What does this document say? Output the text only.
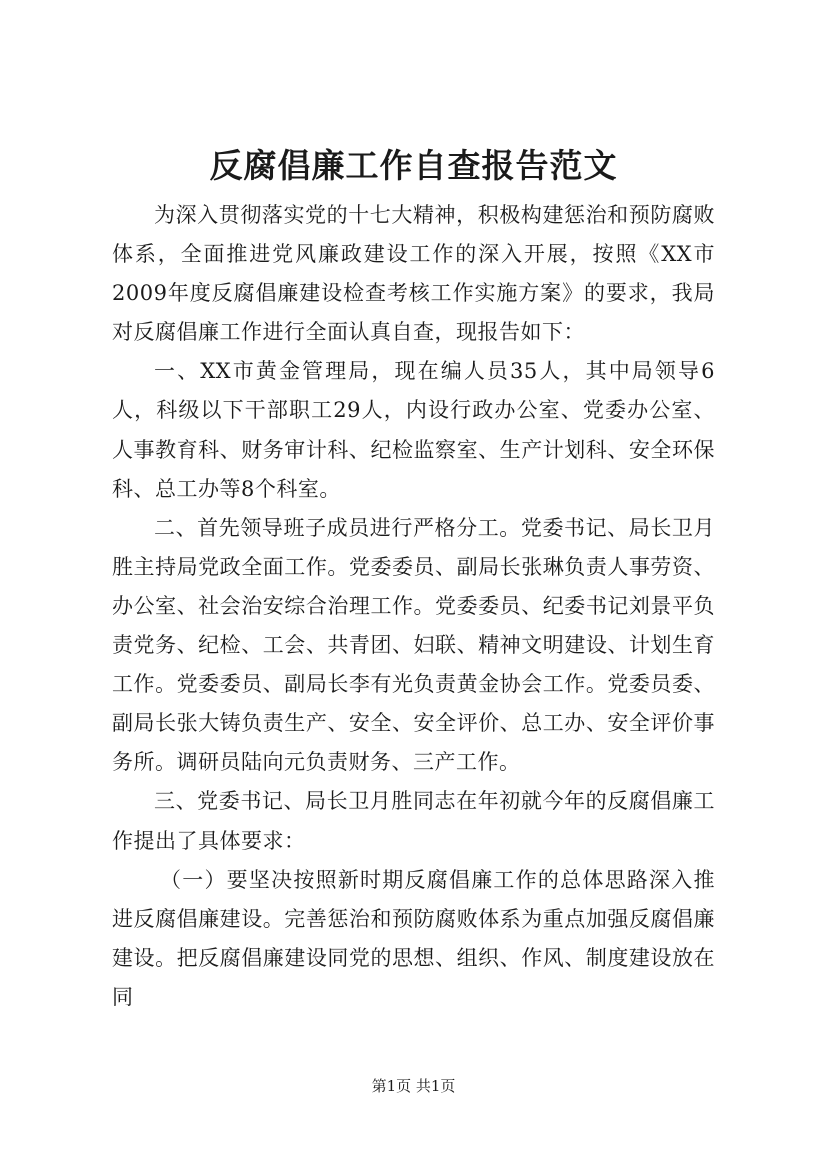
反腐倡廉工作自查报告范文

为深入贯彻落实党的十七大精神，积极构建惩治和预防腐败体系，全面推进党风廉政建设工作的深入开展，按照《XX市2009年度反腐倡廉建设检查考核工作实施方案》的要求，我局对反腐倡廉工作进行全面认真自查，现报告如下：

一、XX市黄金管理局，现在编人员35人，其中局领导6人，科级以下干部职工29人，内设行政办公室、党委办公室、人事教育科、财务审计科、纪检监察室、生产计划科、安全环保科、总工办等8个科室。

二、首先领导班子成员进行严格分工。党委书记、局长卫月胜主持局党政全面工作。党委委员、副局长张琳负责人事劳资、办公室、社会治安综合治理工作。党委委员、纪委书记刘景平负责党务、纪检、工会、共青团、妇联、精神文明建设、计划生育工作。党委委员、副局长李有光负责黄金协会工作。党委员委、副局长张大铸负责生产、安全、安全评价、总工办、安全评价事务所。调研员陆向元负责财务、三产工作。

三、党委书记、局长卫月胜同志在年初就今年的反腐倡廉工作提出了具体要求：

（一）要坚决按照新时期反腐倡廉工作的总体思路深入推进反腐倡廉建设。完善惩治和预防腐败体系为重点加强反腐倡廉建设。把反腐倡廉建设同党的思想、组织、作风、制度建设放在同

第1页 共1页
